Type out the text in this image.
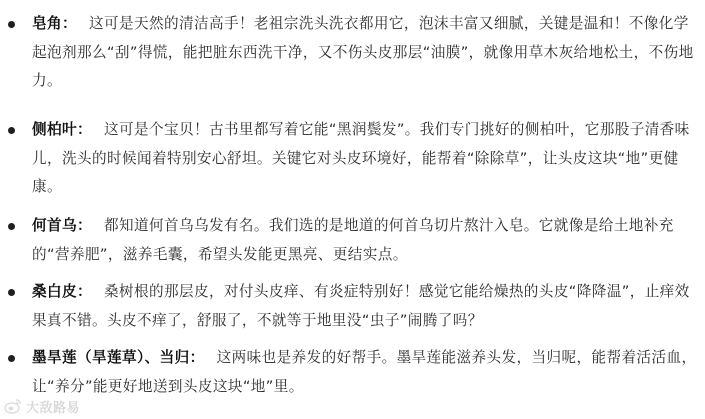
皂角： 这可是天然的清洁高手！老祖宗洗头洗衣都用它，泡沫丰富又细腻，关键是温和！不像化学起泡剂那么“刮”得慌，能把脏东西洗干净，又不伤头皮那层“油膜”，就像用草木灰给地松土，不伤地力。

侧柏叶： 这可是个宝贝！古书里都写着它能“黑润鬓发”。我们专门挑好的侧柏叶，它那股子清香味儿，洗头的时候闻着特别安心舒坦。关键它对头皮环境好，能帮着“除除草”，让头皮这块“地”更健康。

何首乌： 都知道何首乌乌发有名。我们选的是地道的何首乌切片熬汁入皂。它就像是给土地补充的“营养肥”，滋养毛囊，希望头发能更黑亮、更结实点。

桑白皮： 桑树根的那层皮，对付头皮痒、有炎症特别好！感觉它能给燥热的头皮“降降温”，止痒效果真不错。头皮不痒了，舒服了，不就等于地里没“虫子”闹腾了吗？

墨旱莲（旱莲草）、当归： 这两味也是养发的好帮手。墨旱莲能滋养头发，当归呢，能帮着活活血，让“养分”能更好地送到头皮这块“地”里。

大敌路易
